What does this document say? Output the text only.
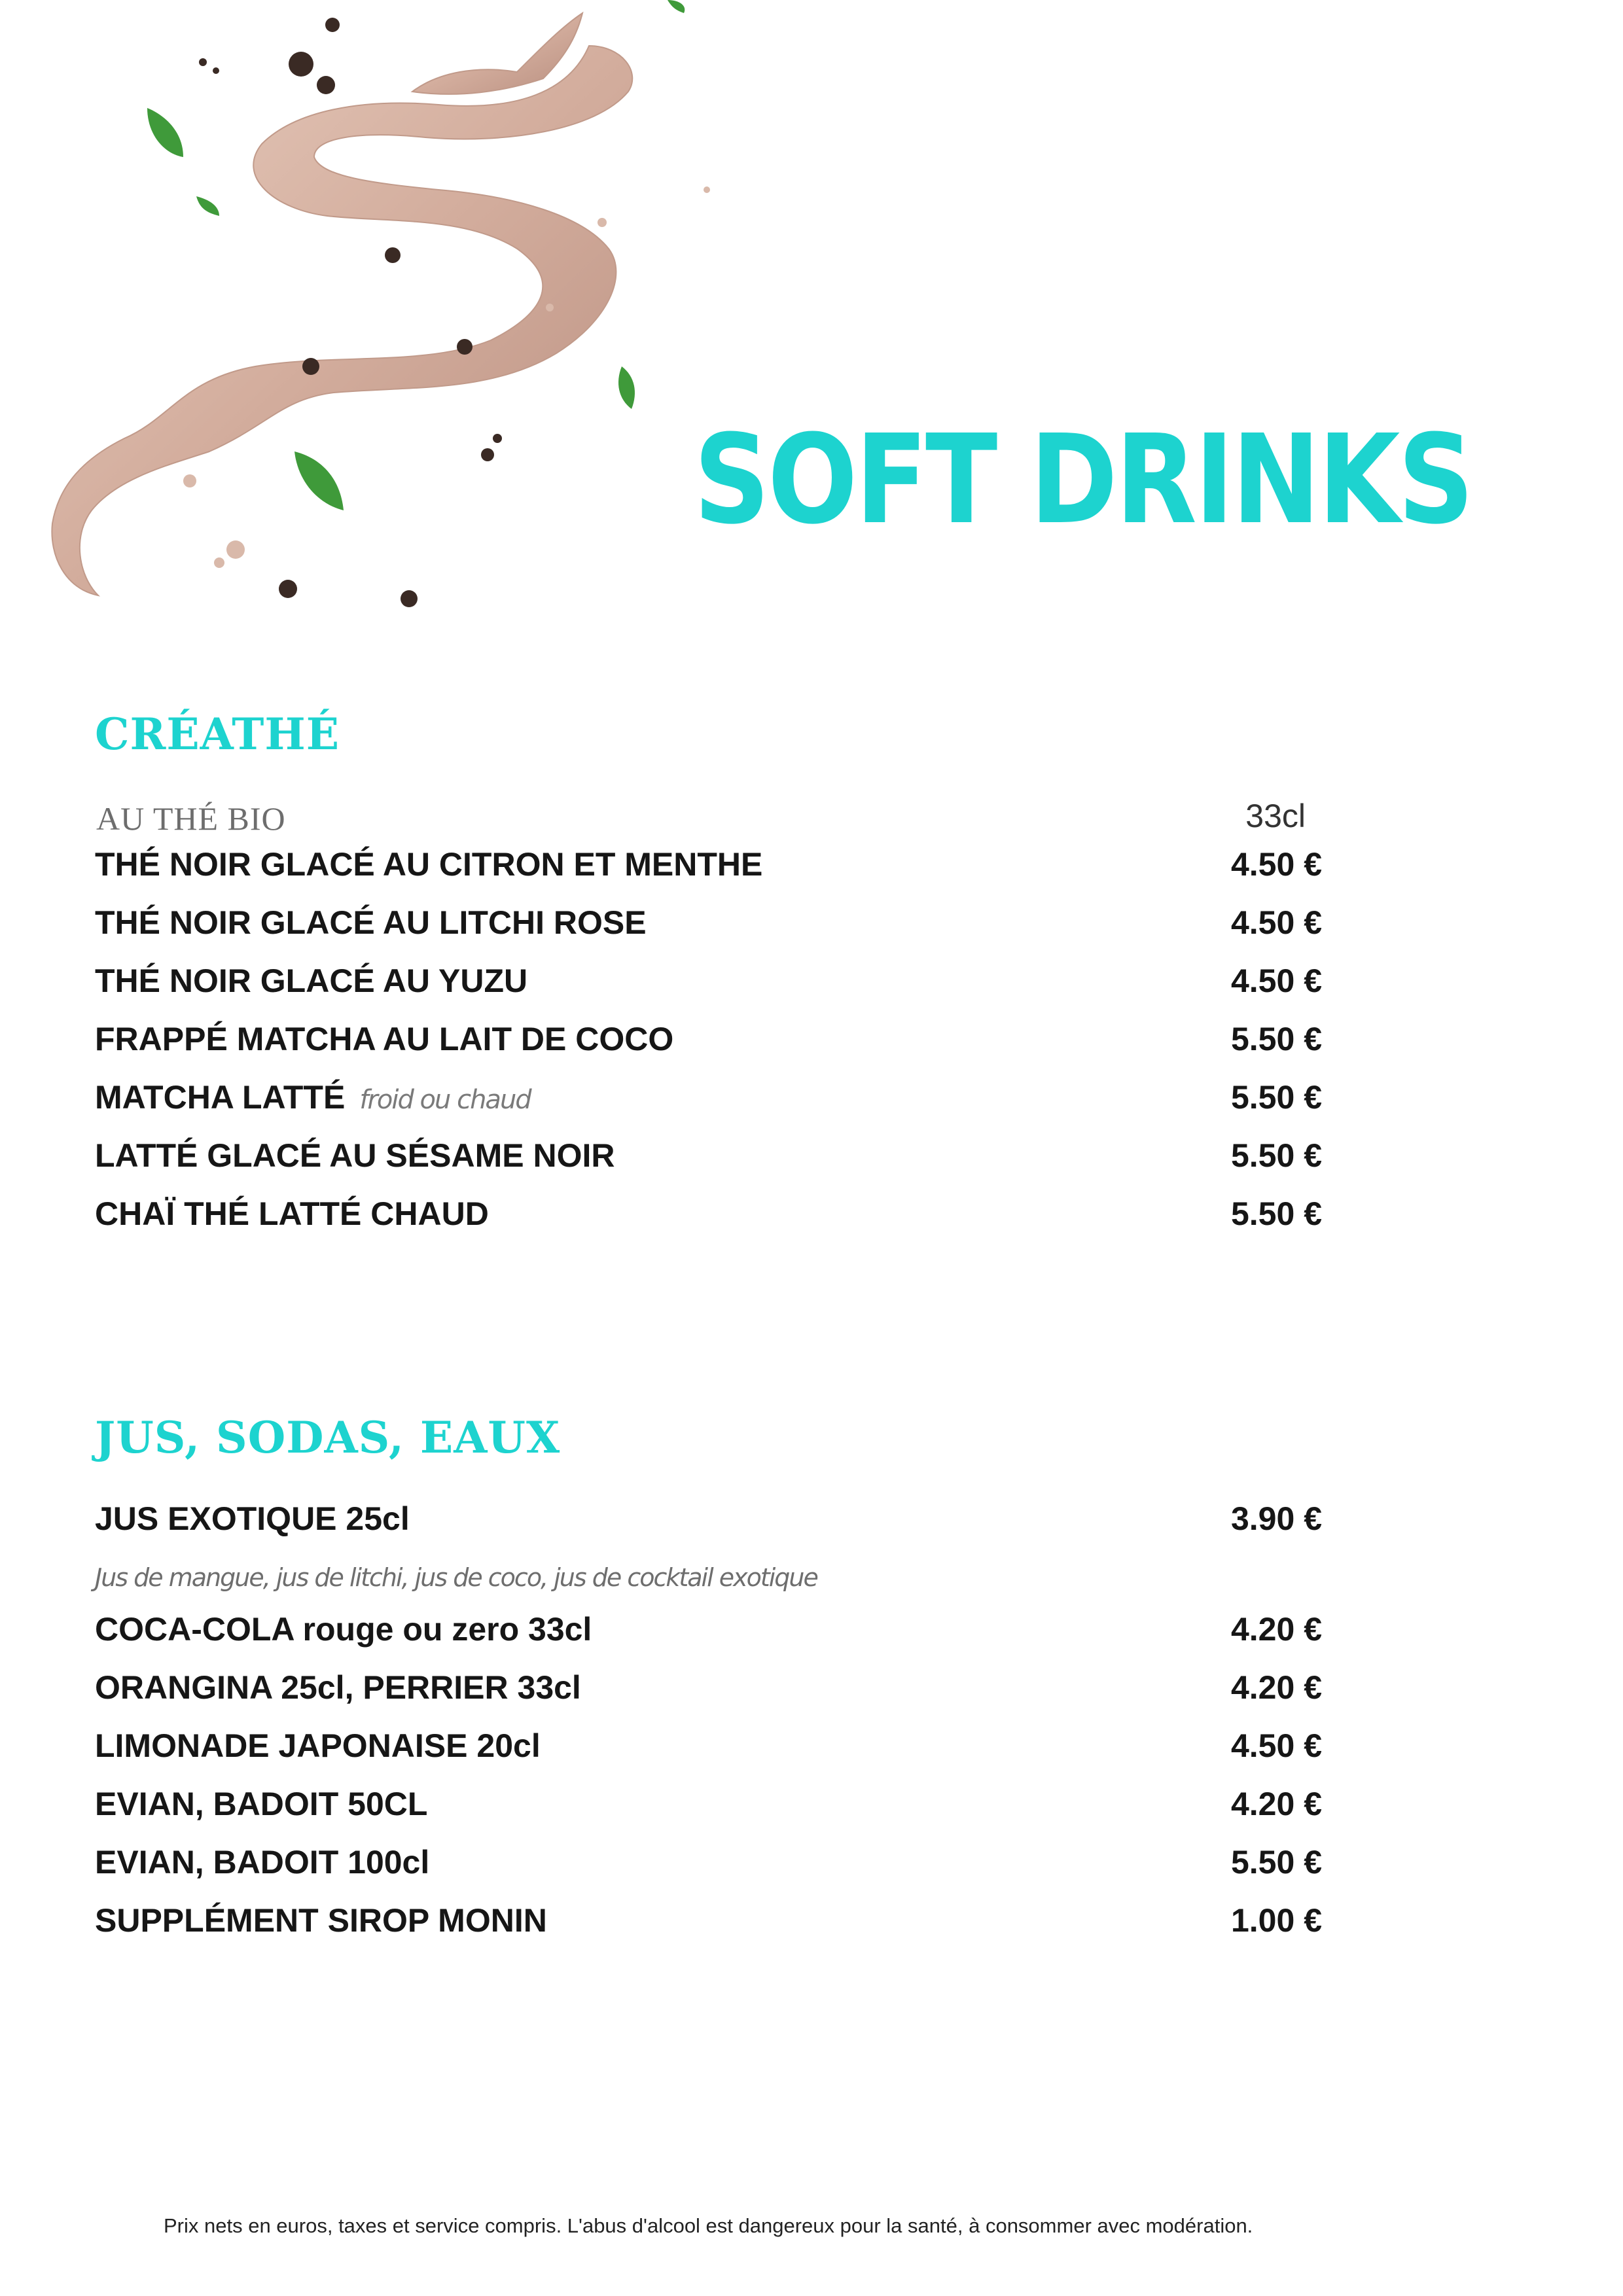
SOFT DRINKS
CRÉATHÉ
AU THÉ BIO	33cl
THÉ NOIR GLACÉ AU CITRON ET MENTHE	4.50 €
THÉ NOIR GLACÉ AU LITCHI ROSE	4.50 €
THÉ NOIR GLACÉ AU YUZU	4.50 €
FRAPPÉ MATCHA AU LAIT DE COCO	5.50 €
MATCHA LATTÉ froid ou chaud	5.50 €
LATTÉ GLACÉ AU SÉSAME NOIR	5.50 €
CHAÏ THÉ LATTÉ CHAUD	5.50 €
JUS, SODAS, EAUX
JUS EXOTIQUE 25cl	3.90 €
Jus de mangue, jus de litchi, jus de coco, jus de cocktail exotique
COCA-COLA rouge ou zero 33cl	4.20 €
ORANGINA 25cl, PERRIER 33cl	4.20 €
LIMONADE JAPONAISE 20cl	4.50 €
EVIAN, BADOIT 50CL	4.20 €
EVIAN, BADOIT 100cl	5.50 €
SUPPLÉMENT SIROP MONIN	1.00 €
Prix nets en euros, taxes et service compris. L'abus d'alcool est dangereux pour la santé, à consommer avec modération.
